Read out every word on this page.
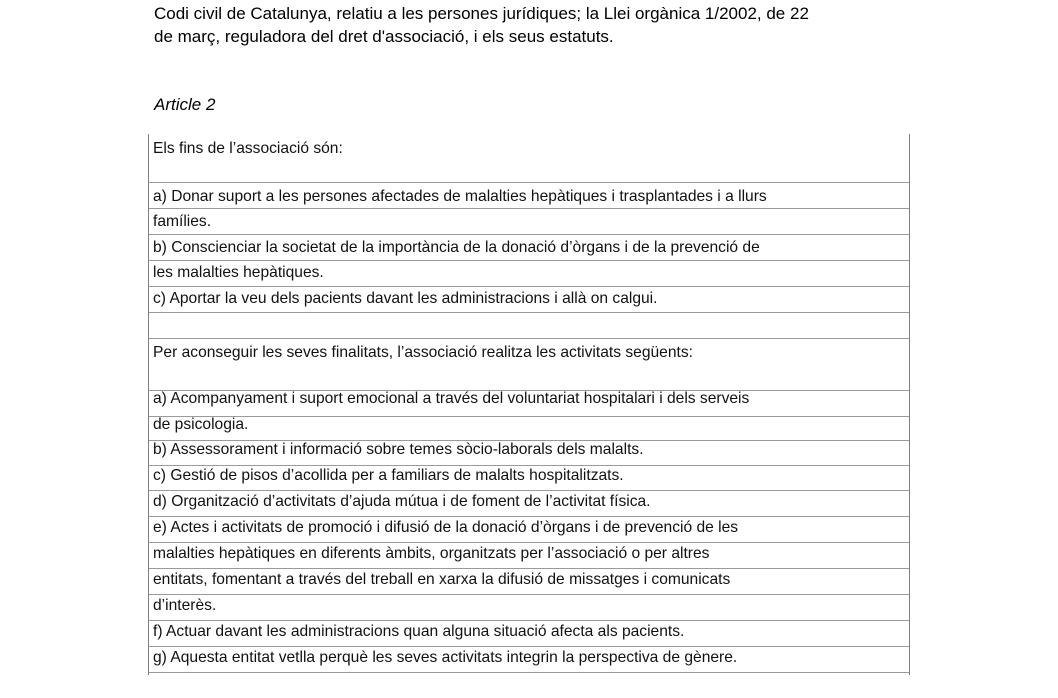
Codi civil de Catalunya, relatiu a les persones jurídiques; la Llei orgànica 1/2002, de 22
de març, reguladora del dret d'associació, i els seus estatuts.
Article 2
Els fins de l’associació són:
a) Donar suport a les persones afectades de malalties hepàtiques i trasplantades i a llurs
famílies.
b) Conscienciar la societat de la importància de la donació d’òrgans i de la prevenció de
les malalties hepàtiques.
c) Aportar la veu dels pacients davant les administracions i allà on calgui.
Per aconseguir les seves finalitats, l’associació realitza les activitats següents:
a) Acompanyament i suport emocional a través del voluntariat hospitalari i dels serveis
de psicologia.
b) Assessorament i informació sobre temes sòcio-laborals dels malalts.
c) Gestió de pisos d’acollida per a familiars de malalts hospitalitzats.
d) Organització d’activitats d’ajuda mútua i de foment de l’activitat física.
e) Actes i activitats de promoció i difusió de la donació d’òrgans i de prevenció de les
malalties hepàtiques en diferents àmbits, organitzats per l’associació o per altres
entitats, fomentant a través del treball en xarxa la difusió de missatges i comunicats
d’interès.
f) Actuar davant les administracions quan alguna situació afecta als pacients.
g) Aquesta entitat vetlla perquè les seves activitats integrin la perspectiva de gènere.
